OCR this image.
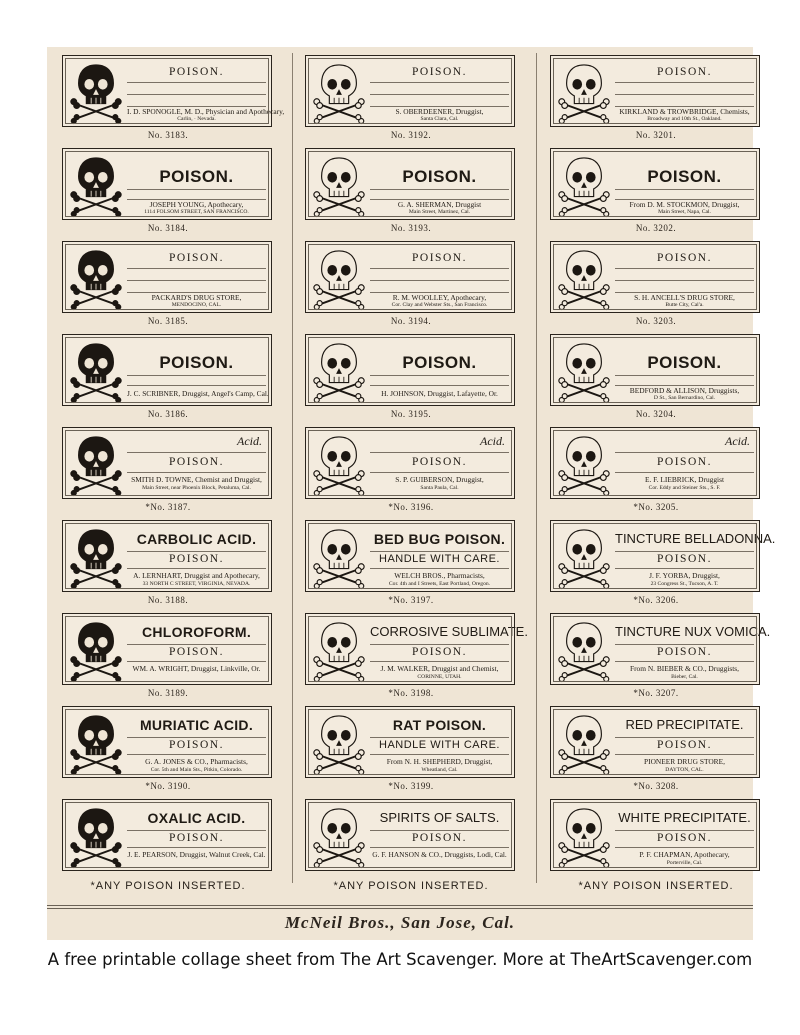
POISON.
I. D. SPONOGLE, M. D., Physician and Apothecary,
Carlin, · Nevada.
No. 3183.
POISON.
JOSEPH YOUNG, Apothecary,
1114 FOLSOM STREET, SAN FRANCISCO.
No. 3184.
POISON.
PACKARD'S DRUG STORE,
MENDOCINO, CAL.
No. 3185.
POISON.
J. C. SCRIBNER, Druggist, Angel's Camp, Cal.
No. 3186.
Acid.
POISON.
SMITH D. TOWNE, Chemist and Druggist,
Main Street, near Phoenix Block, Petaluma, Cal.
*No. 3187.
CARBOLIC ACID.
POISON.
A. LERNHART, Druggist and Apothecary,
33 NORTH C STREET, VIRGINIA, NEVADA.
No. 3188.
CHLOROFORM.
POISON.
WM. A. WRIGHT, Druggist, Linkville, Or.
No. 3189.
MURIATIC ACID.
POISON.
G. A. JONES & CO., Pharmacists,
Cor. 5th and Main Sts., Pitkin, Colorado.
*No. 3190.
OXALIC ACID.
POISON.
J. E. PEARSON, Druggist, Walnut Creek, Cal.
POISON.
S. OBERDEENER, Druggist,
Santa Clara, Cal.
No. 3192.
POISON.
G. A. SHERMAN, Druggist
Main Street, Martinez, Cal.
No. 3193.
POISON.
R. M. WOOLLEY, Apothecary,
Cor. Clay and Webster Sts., San Francisco.
No. 3194.
POISON.
H. JOHNSON, Druggist, Lafayette, Or.
No. 3195.
Acid.
POISON.
S. P. GUIBERSON, Druggist,
Santa Paula, Cal.
*No. 3196.
BED BUG POISON.
HANDLE WITH CARE.
WELCH BROS., Pharmacists,
Cor. 4th and I Streets, East Portland, Oregon.
*No. 3197.
CORROSIVE SUBLIMATE.
POISON.
J. M. WALKER, Druggist and Chemist,
CORINNE, UTAH.
*No. 3198.
RAT POISON.
HANDLE WITH CARE.
From N. H. SHEPHERD, Druggist,
Wheatland, Cal.
*No. 3199.
SPIRITS OF SALTS.
POISON.
G. F. HANSON & CO., Druggists, Lodi, Cal.
POISON.
KIRKLAND & TROWBRIDGE, Chemists,
Broadway and 10th St., Oakland.
No. 3201.
POISON.
From D. M. STOCKMON, Druggist,
Main Street, Napa, Cal.
No. 3202.
POISON.
S. H. ANCELL'S DRUG STORE,
Butte City, Cal'a.
No. 3203.
POISON.
BEDFORD & ALLISON, Druggists,
D St., San Bernardino, Cal.
No. 3204.
Acid.
POISON.
E. F. LIEBRICK, Druggist
Cor. Eddy and Steiner Sts., S. F.
*No. 3205.
TINCTURE BELLADONNA.
POISON.
J. F. YORBA, Druggist,
23 Congress St., Tucson, A. T.
*No. 3206.
TINCTURE NUX VOMICA.
POISON.
From N. BIEBER & CO., Druggists,
Bieber, Cal.
*No. 3207.
RED PRECIPITATE.
POISON.
PIONEER DRUG STORE,
DAYTON, CAL.
*No. 3208.
WHITE PRECIPITATE.
POISON.
P. F. CHAPMAN, Apothecary,
Porterville, Cal.
*ANY POISON INSERTED.	*ANY POISON INSERTED.	*ANY POISON INSERTED.
McNeil Bros., San Jose, Cal.
A free printable collage sheet from The Art Scavenger. More at TheArtScavenger.com
